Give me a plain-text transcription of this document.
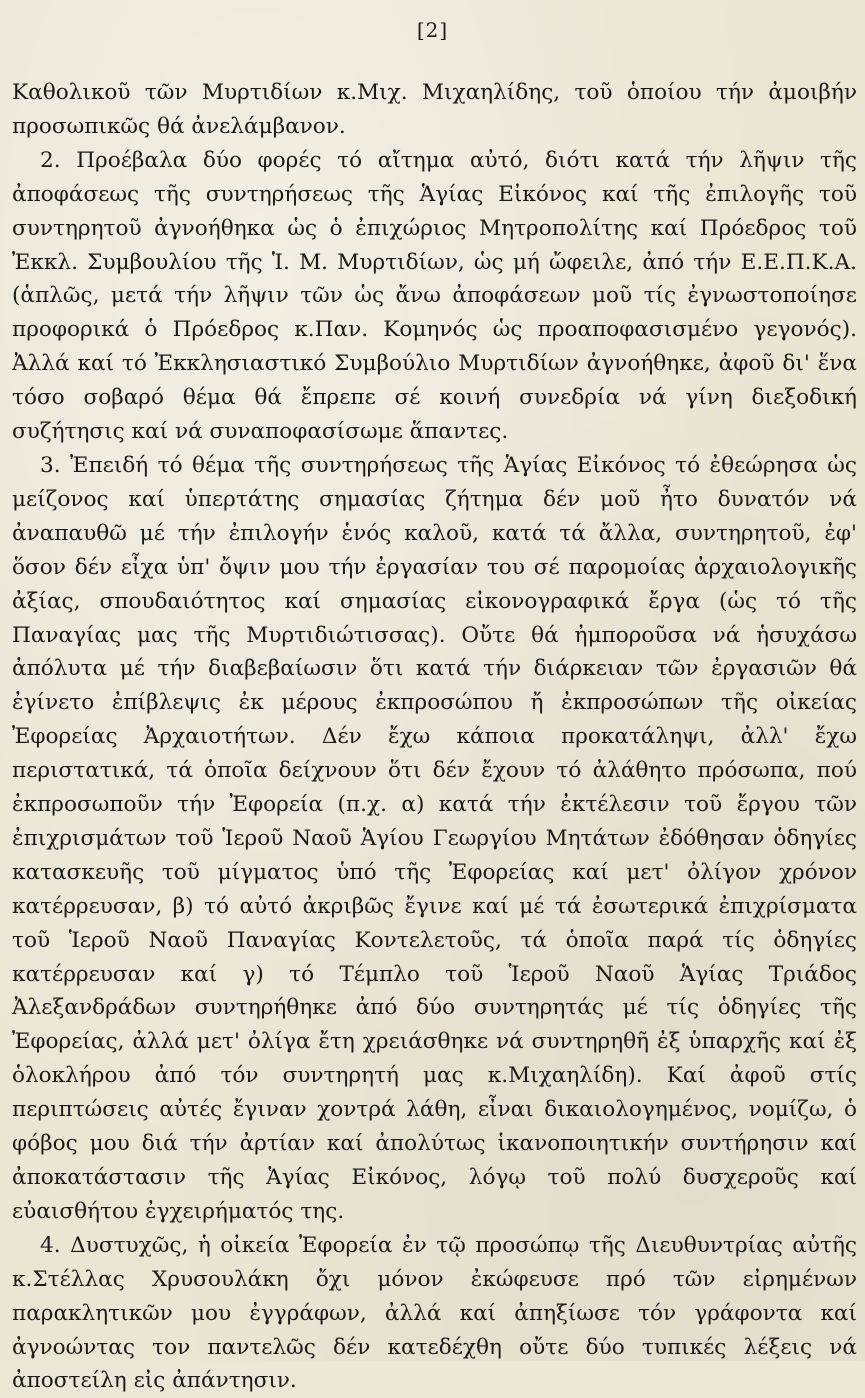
[2]

Καθολικοῦ τῶν Μυρτιδίων κ.Μιχ. Μιχαηλίδης, τοῦ ὁποίου τήν ἀμοιβήν προσωπικῶς θά ἀνελάμβανον.

2. Προέβαλα δύο φορές τό αἴτημα αὐτό, διότι κατά τήν λῆψιν τῆς ἀποφάσεως τῆς συντηρήσεως τῆς Ἁγίας Εἰκόνος καί τῆς ἐπιλογῆς τοῦ συντηρητοῦ ἀγνοήθηκα ὡς ὁ ἐπιχώριος Μητροπολίτης καί Πρόεδρος τοῦ Ἐκκλ. Συμβουλίου τῆς Ἱ. Μ. Μυρτιδίων, ὡς μή ὤφειλε, ἀπό τήν Ε.Ε.Π.Κ.Α. (ἁπλῶς, μετά τήν λῆψιν τῶν ὡς ἄνω ἀποφάσεων μοῦ τίς ἐγνωστοποίησε προφορικά ὁ Πρόεδρος κ.Παν. Κομηνός ὡς προαποφασισμένο γεγονός). Ἀλλά καί τό Ἐκκλησιαστικό Συμβούλιο Μυρτιδίων ἀγνοήθηκε, ἀφοῦ δι' ἕνα τόσο σοβαρό θέμα θά ἔπρεπε σέ κοινή συνεδρία νά γίνη διεξοδική συζήτησις καί νά συναποφασίσωμε ἅπαντες.

3. Ἐπειδή τό θέμα τῆς συντηρήσεως τῆς Ἁγίας Εἰκόνος τό ἐθεώρησα ὡς μείζονος καί ὑπερτάτης σημασίας ζήτημα δέν μοῦ ἦτο δυνατόν νά ἀναπαυθῶ μέ τήν ἐπιλογήν ἑνός καλοῦ, κατά τά ἄλλα, συντηρητοῦ, ἐφ' ὅσον δέν εἶχα ὑπ' ὄψιν μου τήν ἐργασίαν του σέ παρομοίας ἀρχαιολογικῆς ἀξίας, σπουδαιότητος καί σημασίας εἰκονογραφικά ἔργα (ὡς τό τῆς Παναγίας μας τῆς Μυρτιδιώτισσας). Οὔτε θά ἠμποροῦσα νά ἡσυχάσω ἀπόλυτα μέ τήν διαβεβαίωσιν ὅτι κατά τήν διάρκειαν τῶν ἐργασιῶν θά ἐγίνετο ἐπίβλεψις ἐκ μέρους ἐκπροσώπου ἤ ἐκπροσώπων τῆς οἰκείας Ἐφορείας Ἀρχαιοτήτων. Δέν ἔχω κάποια προκατάληψι, ἀλλ' ἔχω περιστατικά, τά ὁποῖα δείχνουν ὅτι δέν ἔχουν τό ἀλάθητο πρόσωπα, πού ἐκπροσωποῦν τήν Ἐφορεία (π.χ. α) κατά τήν ἐκτέλεσιν τοῦ ἔργου τῶν ἐπιχρισμάτων τοῦ Ἱεροῦ Ναοῦ Ἁγίου Γεωργίου Μητάτων ἐδόθησαν ὁδηγίες κατασκευῆς τοῦ μίγματος ὑπό τῆς Ἐφορείας καί μετ' ὀλίγον χρόνον κατέρρευσαν, β) τό αὐτό ἀκριβῶς ἔγινε καί μέ τά ἐσωτερικά ἐπιχρίσματα τοῦ Ἱεροῦ Ναοῦ Παναγίας Κοντελετοῦς, τά ὁποῖα παρά τίς ὁδηγίες κατέρρευσαν καί γ) τό Τέμπλο τοῦ Ἱεροῦ Ναοῦ Ἁγίας Τριάδος Ἀλεξανδράδων συντηρήθηκε ἀπό δύο συντηρητάς μέ τίς ὁδηγίες τῆς Ἐφορείας, ἀλλά μετ' ὀλίγα ἔτη χρειάσθηκε νά συντηρηθῆ ἐξ ὑπαρχῆς καί ἐξ ὁλοκλήρου ἀπό τόν συντηρητή μας κ.Μιχαηλίδη). Καί ἀφοῦ στίς περιπτώσεις αὐτές ἔγιναν χοντρά λάθη, εἶναι δικαιολογημένος, νομίζω, ὁ φόβος μου διά τήν ἀρτίαν καί ἀπολύτως ἱκανοποιητικήν συντήρησιν καί ἀποκατάστασιν τῆς Ἁγίας Εἰκόνος, λόγῳ τοῦ πολύ δυσχεροῦς καί εὐαισθήτου ἐγχειρήματός της.

4. Δυστυχῶς, ἡ οἰκεία Ἐφορεία ἐν τῷ προσώπῳ τῆς Διευθυντρίας αὐτῆς κ.Στέλλας Χρυσουλάκη ὄχι μόνον ἐκώφευσε πρό τῶν εἰρημένων παρακλητικῶν μου ἐγγράφων, ἀλλά καί ἀπηξίωσε τόν γράφοντα καί ἀγνοώντας τον παντελῶς δέν κατεδέχθη οὔτε δύο τυπικές λέξεις νά ἀποστείλη εἰς ἀπάντησιν.
